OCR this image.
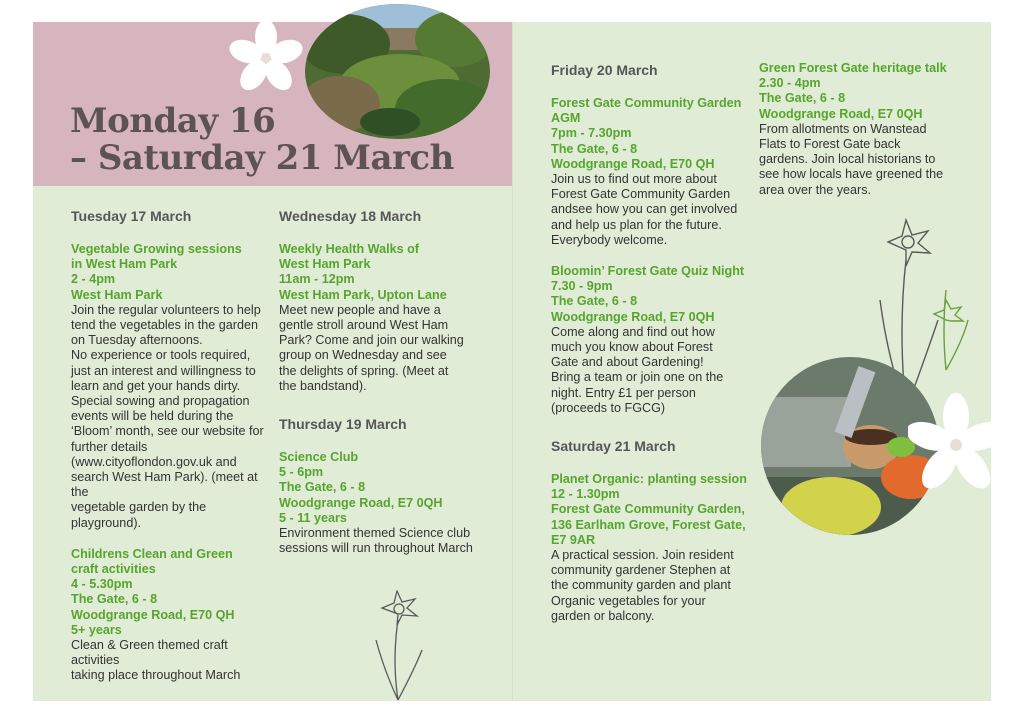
Monday 16
– Saturday 21 March
Tuesday 17 March
Vegetable Growing sessions
in West Ham Park
2 - 4pm
West Ham Park
Join the regular volunteers to help
tend the vegetables in the garden
on Tuesday afternoons.
No experience or tools required,
just an interest and willingness to
learn and get your hands dirty.
Special sowing and propagation
events will be held during the
‘Bloom’ month, see our website for
further details
(www.cityoflondon.gov.uk and
search West Ham Park). (meet at the
vegetable garden by the playground).
Childrens Clean and Green
craft activities
4 - 5.30pm
The Gate, 6 - 8
Woodgrange Road, E70 QH
5+ years
Clean & Green themed craft activities
taking place throughout March
Wednesday 18 March
Weekly Health Walks of
West Ham Park
11am - 12pm
West Ham Park, Upton Lane
Meet new people and have a
gentle stroll around West Ham
Park? Come and join our walking
group on Wednesday and see
the delights of spring. (Meet at
the bandstand).
Thursday 19 March
Science Club
5 - 6pm
The Gate, 6 - 8
Woodgrange Road, E7 0QH
5 - 11 years
Environment themed Science club
sessions will run throughout March
Friday 20 March
Forest Gate Community Garden
AGM
7pm - 7.30pm
The Gate, 6 - 8
Woodgrange Road, E70 QH
Join us to find out more about
Forest Gate Community Garden
andsee how you can get involved
and help us plan for the future.
Everybody welcome.
Bloomin’ Forest Gate Quiz Night
7.30 - 9pm
The Gate, 6 - 8
Woodgrange Road, E7 0QH
Come along and find out how
much you know about Forest
Gate and about Gardening!
Bring a team or join one on the
night. Entry £1 per person
(proceeds to FGCG)
Saturday 21 March
Planet Organic: planting session
12 - 1.30pm
Forest Gate Community Garden,
136 Earlham Grove, Forest Gate,
E7 9AR
A practical session. Join resident
community gardener Stephen at
the community garden and plant
Organic vegetables for your
garden or balcony.
Green Forest Gate heritage talk
2.30 - 4pm
The Gate, 6 - 8
Woodgrange Road, E7 0QH
From allotments on Wanstead
Flats to Forest Gate back
gardens. Join local historians to
see how locals have greened the
area over the years.
